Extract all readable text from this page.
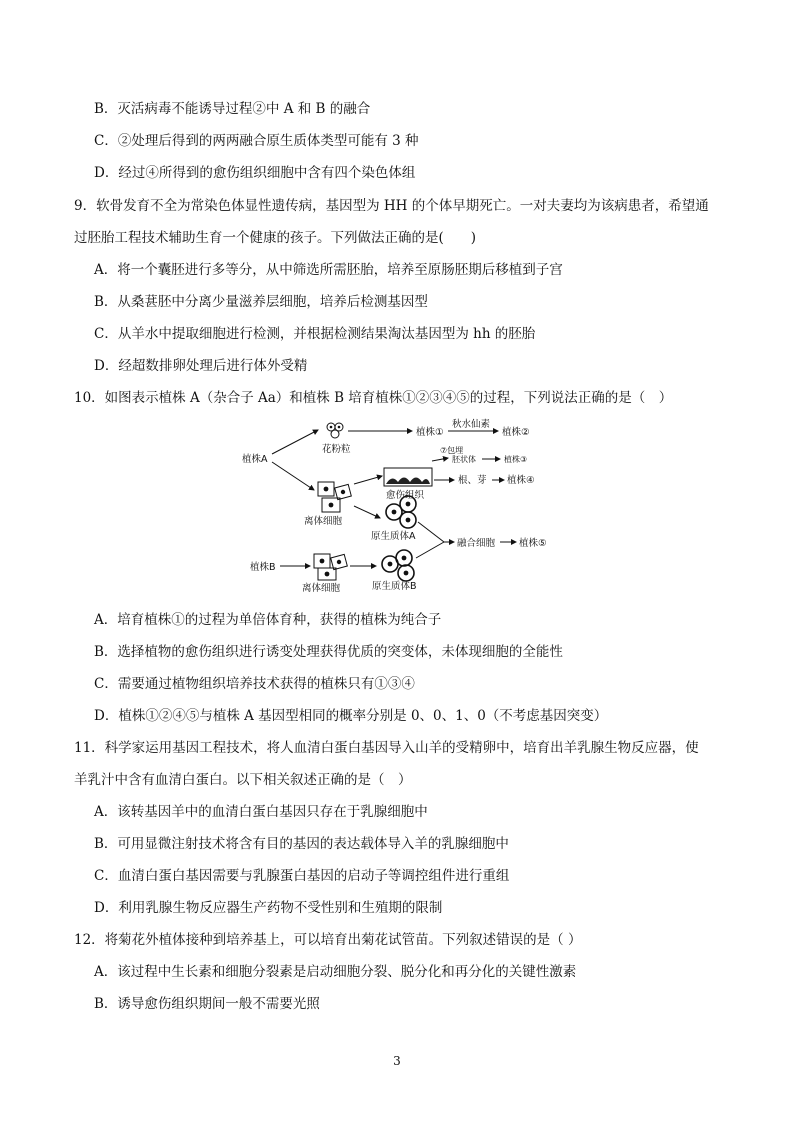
B．灭活病毒不能诱导过程②中 A 和 B 的融合
C．②处理后得到的两两融合原生质体类型可能有 3 种
D．经过④所得到的愈伤组织细胞中含有四个染色体组
9．软骨发育不全为常染色体显性遗传病，基因型为 HH 的个体早期死亡。一对夫妻均为该病患者，希望通
过胚胎工程技术辅助生育一个健康的孩子。下列做法正确的是(　　)
A．将一个囊胚进行多等分，从中筛选所需胚胎，培养至原肠胚期后移植到子宫
B．从桑葚胚中分离少量滋养层细胞，培养后检测基因型
C．从羊水中提取细胞进行检测，并根据检测结果淘汰基因型为 hh 的胚胎
D．经超数排卵处理后进行体外受精
10．如图表示植株 A（杂合子 Aa）和植株 B 培育植株①②③④⑤的过程，下列说法正确的是（　）
植株A
花粉粒
植株①
秋水仙素
植株②
⑦包埋
胚状体	植株③
愈伤组织
根、芽 植株④
离体细胞
原生质体A
融合细胞	植株⑤
植株B
离体细胞	原生质体B
A．培育植株①的过程为单倍体育种，获得的植株为纯合子
B．选择植物的愈伤组织进行诱变处理获得优质的突变体，未体现细胞的全能性
C．需要通过植物组织培养技术获得的植株只有①③④
D．植株①②④⑤与植株 A 基因型相同的概率分别是 0、0、1、0（不考虑基因突变）
11．科学家运用基因工程技术，将人血清白蛋白基因导入山羊的受精卵中，培育出羊乳腺生物反应器，使
羊乳汁中含有血清白蛋白。以下相关叙述正确的是（　）
A．该转基因羊中的血清白蛋白基因只存在于乳腺细胞中
B．可用显微注射技术将含有目的基因的表达载体导入羊的乳腺细胞中
C．血清白蛋白基因需要与乳腺蛋白基因的启动子等调控组件进行重组
D．利用乳腺生物反应器生产药物不受性别和生殖期的限制
12．将菊花外植体接种到培养基上，可以培育出菊花试管苗。下列叙述错误的是（ ）
A．该过程中生长素和细胞分裂素是启动细胞分裂、脱分化和再分化的关键性激素
B．诱导愈伤组织期间一般不需要光照
3
